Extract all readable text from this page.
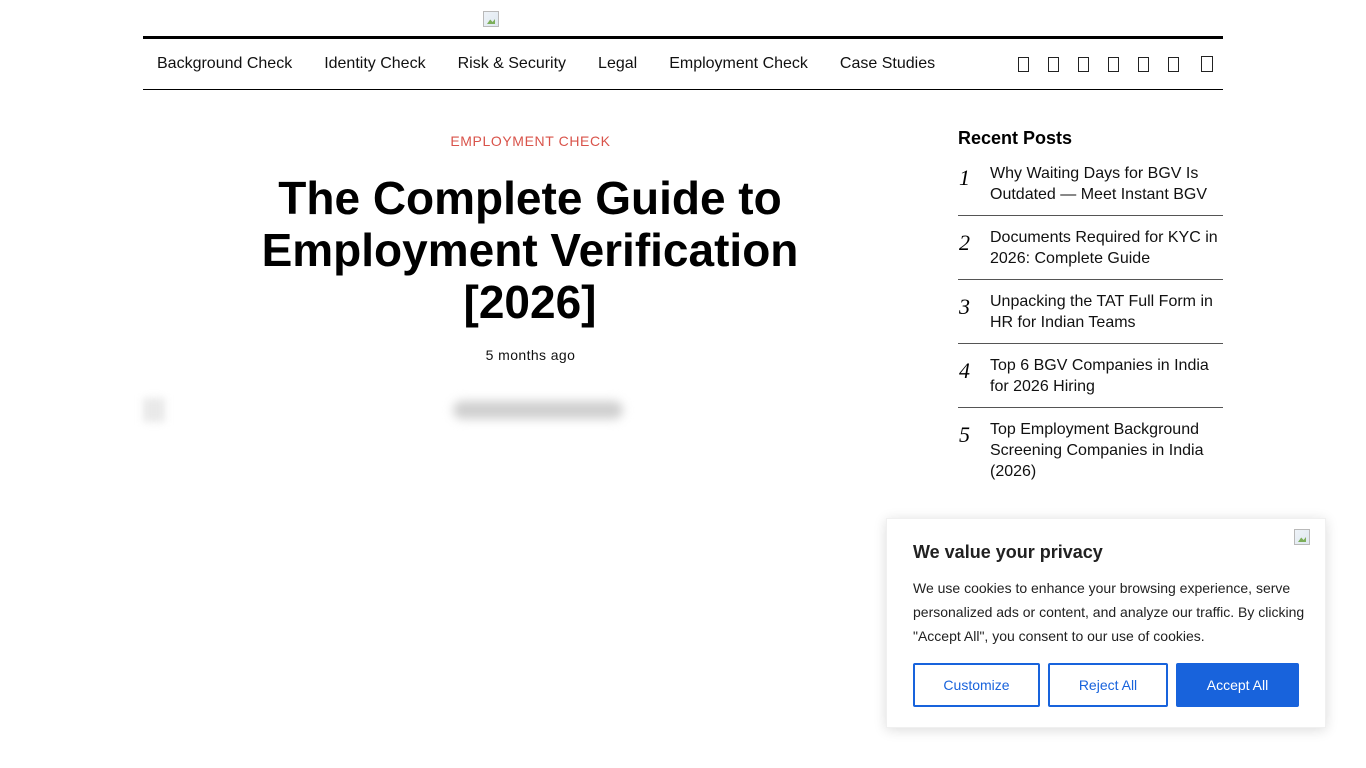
Background Check Identity Check Risk & Security Legal Employment Check Case Studies
EMPLOYMENT CHECK
The Complete Guide to Employment Verification [2026]
5 months ago
Recent Posts
1 Why Waiting Days for BGV Is Outdated — Meet Instant BGV
2 Documents Required for KYC in 2026: Complete Guide
3 Unpacking the TAT Full Form in HR for Indian Teams
4 Top 6 BGV Companies in India for 2026 Hiring
5 Top Employment Background Screening Companies in India (2026)
We value your privacy
We use cookies to enhance your browsing experience, serve personalized ads or content, and analyze our traffic. By clicking "Accept All", you consent to our use of cookies.
Customize	Reject All	Accept All
